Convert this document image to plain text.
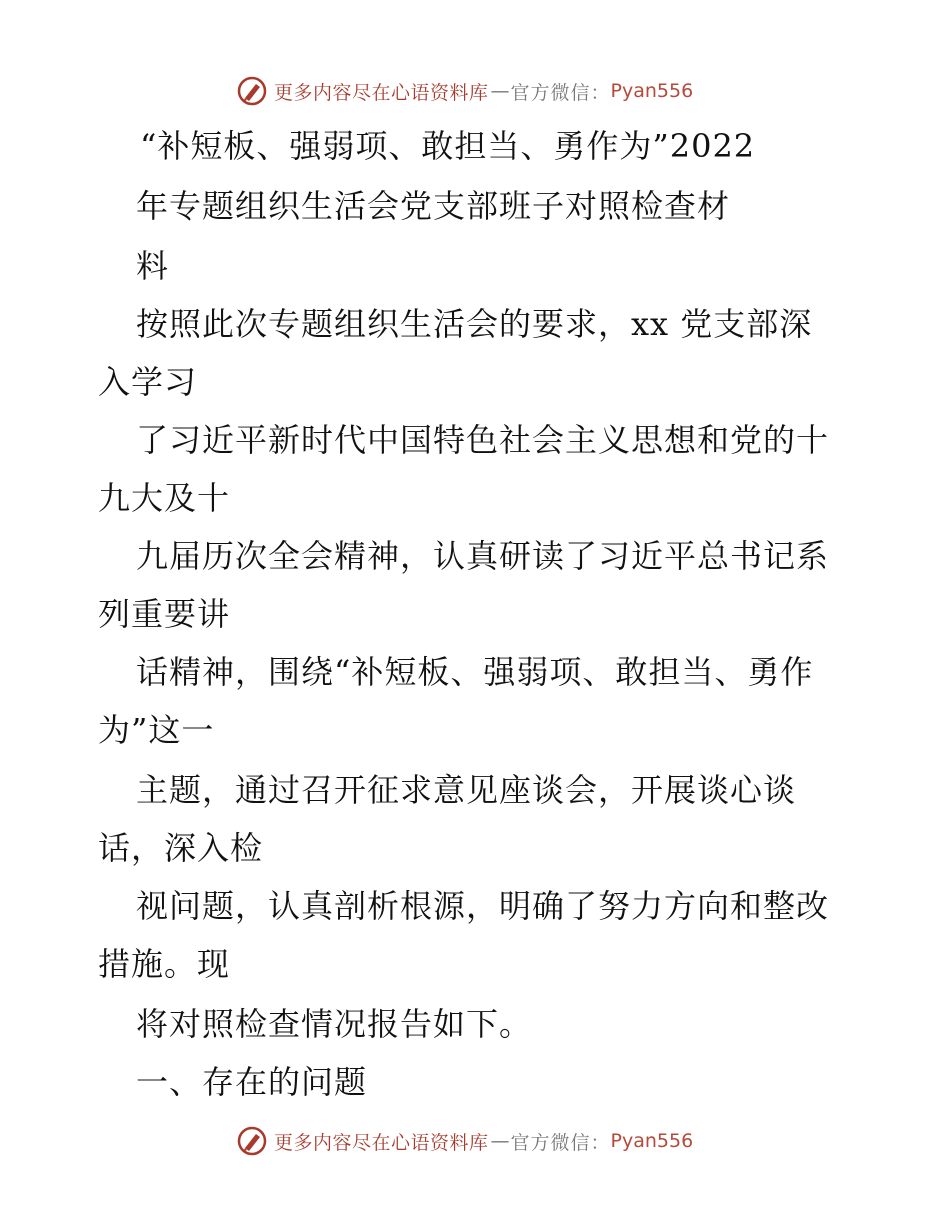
更多内容尽在心语资料库 — 官方微信： Pyan556
“补短板、强弱项、敢担当、勇作为”2022
年专题组织生活会党支部班子对照检查材
料
按照此次专题组织生活会的要求，xx 党支部深
入学习
了习近平新时代中国特色社会主义思想和党的十
九大及十
九届历次全会精神，认真研读了习近平总书记系
列重要讲
话精神，围绕“补短板、强弱项、敢担当、勇作
为”这一
主题，通过召开征求意见座谈会，开展谈心谈
话，深入检
视问题，认真剖析根源，明确了努力方向和整改
措施。现
将对照检查情况报告如下。
一、存在的问题
更多内容尽在心语资料库 — 官方微信： Pyan556
